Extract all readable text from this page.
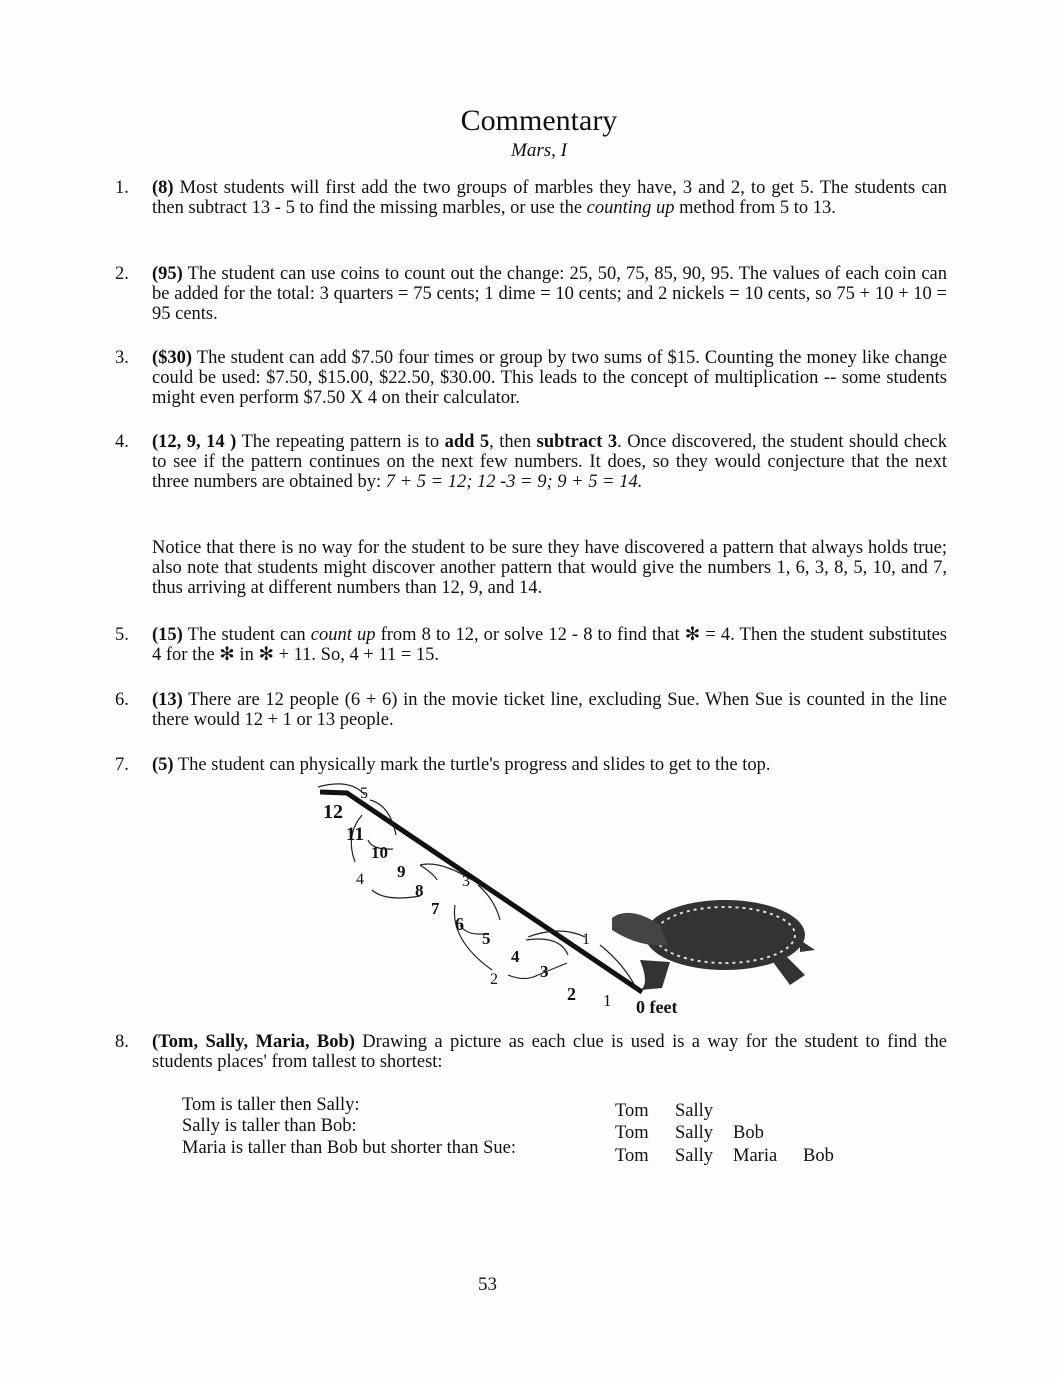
Commentary
Mars, I
1. (8) Most students will first add the two groups of marbles they have, 3 and 2, to get 5. The students can then subtract 13 - 5 to find the missing marbles, or use the counting up method from 5 to 13.
2. (95) The student can use coins to count out the change: 25, 50, 75, 85, 90, 95. The values of each coin can be added for the total: 3 quarters = 75 cents; 1 dime = 10 cents; and 2 nickels = 10 cents, so 75 + 10 + 10 = 95 cents.
3. ($30) The student can add $7.50 four times or group by two sums of $15. Counting the money like change could be used: $7.50, $15.00, $22.50, $30.00. This leads to the concept of multiplication -- some students might even perform $7.50 X 4 on their calculator.
4. (12, 9, 14 ) The repeating pattern is to add 5, then subtract 3. Once discovered, the student should check to see if the pattern continues on the next few numbers. It does, so they would conjecture that the next three numbers are obtained by: 7 + 5 = 12; 12 -3 = 9; 9 + 5 = 14.
5. (15) The student can count up from 8 to 12, or solve 12 - 8 to find that ✻ = 4. Then the student substitutes 4 for the ✻ in ✻ + 11. So, 4 + 11 = 15.
6. (13) There are 12 people (6 + 6) in the movie ticket line, excluding Sue. When Sue is counted in the line there would 12 + 1 or 13 people.
7. (5) The student can physically mark the turtle's progress and slides to get to the top.
8. (Tom, Sally, Maria, Bob) Drawing a picture as each clue is used is a way for the student to find the students places' from tallest to shortest:
Notice that there is no way for the student to be sure they have discovered a pattern that always holds true; also note that students might discover another pattern that would give the numbers 1, 6, 3, 8, 5, 10, and 7, thus arriving at different numbers than 12, 9, and 14.
12
5
11
10
9
4
8 3
7
6
5	1
4
3
2
2 1 0 feet
Tom is taller then Sally:	Tom Sally
Sally is taller than Bob:	Tom Sally Bob
Maria is taller than Bob but shorter than Sue:	Tom Sally Maria Bob
53
